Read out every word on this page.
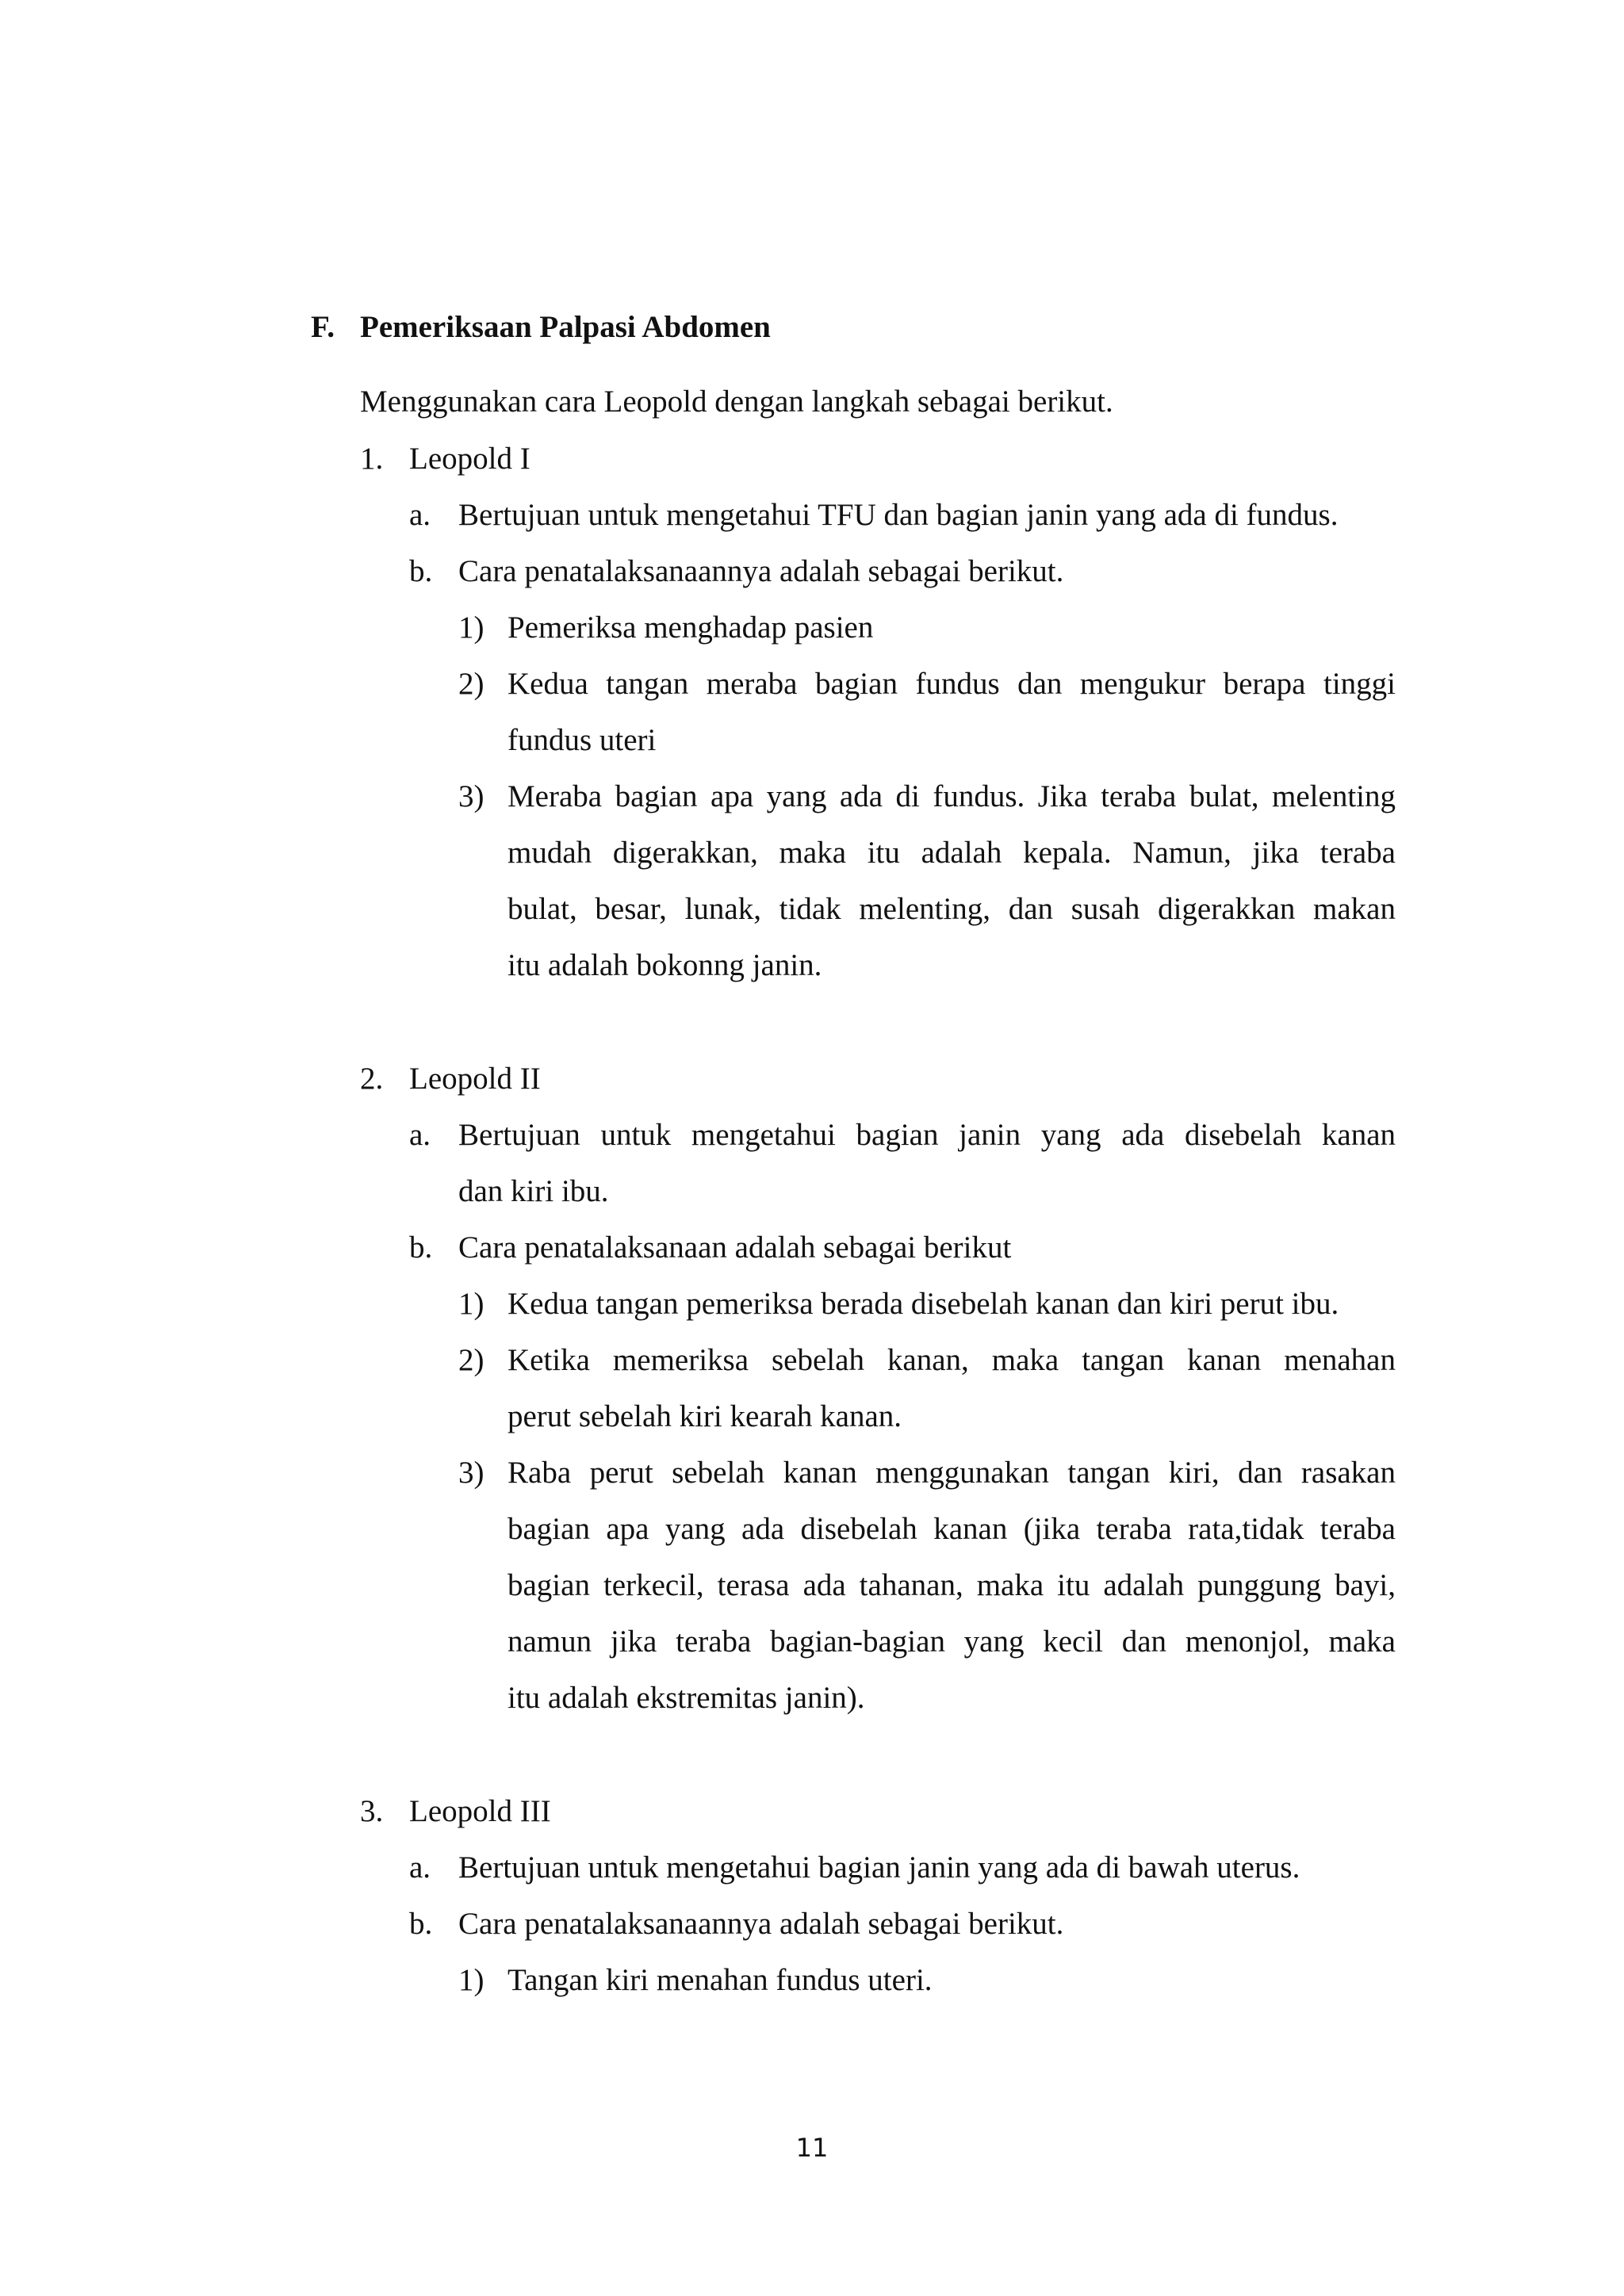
F. Pemeriksaan Palpasi Abdomen
Menggunakan cara Leopold dengan langkah sebagai berikut.
1. Leopold I
a. Bertujuan untuk mengetahui TFU dan bagian janin yang ada di fundus.
b. Cara penatalaksanaannya adalah sebagai berikut.
1) Pemeriksa menghadap pasien
2) Kedua tangan meraba bagian fundus dan mengukur berapa tinggi
fundus uteri
3) Meraba bagian apa yang ada di fundus. Jika teraba bulat, melenting
mudah digerakkan, maka itu adalah kepala. Namun, jika teraba
bulat, besar, lunak, tidak melenting, dan susah digerakkan makan
itu adalah bokonng janin.
2. Leopold II
a. Bertujuan untuk mengetahui bagian janin yang ada disebelah kanan
dan kiri ibu.
b. Cara penatalaksanaan adalah sebagai berikut
1) Kedua tangan pemeriksa berada disebelah kanan dan kiri perut ibu.
2) Ketika memeriksa sebelah kanan, maka tangan kanan menahan
perut sebelah kiri kearah kanan.
3) Raba perut sebelah kanan menggunakan tangan kiri, dan rasakan
bagian apa yang ada disebelah kanan (jika teraba rata,tidak teraba
bagian terkecil, terasa ada tahanan, maka itu adalah punggung bayi,
namun jika teraba bagian-bagian yang kecil dan menonjol, maka
itu adalah ekstremitas janin).
3. Leopold III
a. Bertujuan untuk mengetahui bagian janin yang ada di bawah uterus.
b. Cara penatalaksanaannya adalah sebagai berikut.
1) Tangan kiri menahan fundus uteri.
11
